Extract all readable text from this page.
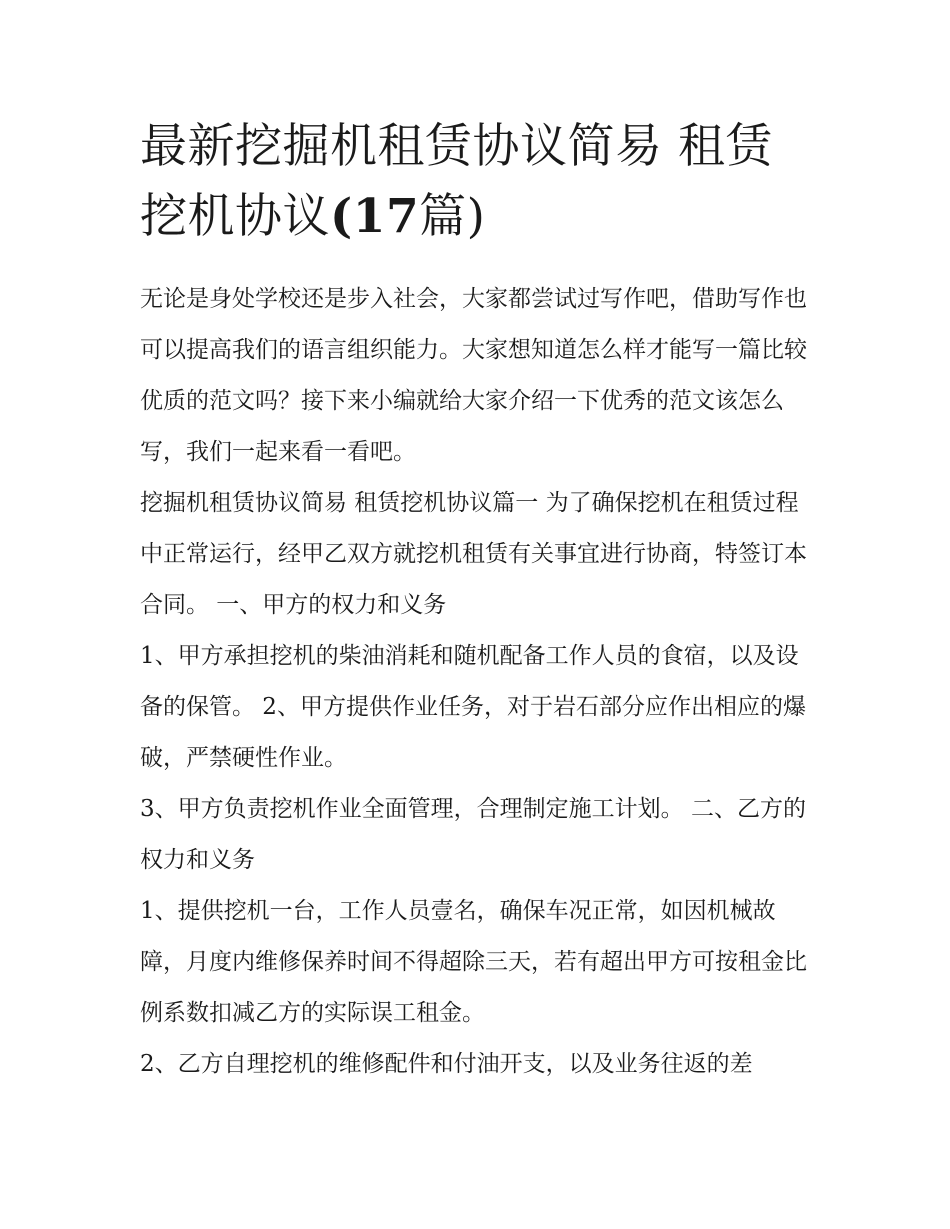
最新挖掘机租赁协议简易 租赁挖机协议(17篇)

无论是身处学校还是步入社会，大家都尝试过写作吧，借助写作也可以提高我们的语言组织能力。大家想知道怎么样才能写一篇比较优质的范文吗？接下来小编就给大家介绍一下优秀的范文该怎么写，我们一起来看一看吧。

挖掘机租赁协议简易 租赁挖机协议篇一 为了确保挖机在租赁过程中正常运行，经甲乙双方就挖机租赁有关事宜进行协商，特签订本合同。 一、甲方的权力和义务

1、甲方承担挖机的柴油消耗和随机配备工作人员的食宿，以及设备的保管。 2、甲方提供作业任务，对于岩石部分应作出相应的爆破，严禁硬性作业。

3、甲方负责挖机作业全面管理，合理制定施工计划。 二、乙方的权力和义务

1、提供挖机一台，工作人员壹名，确保车况正常，如因机械故障，月度内维修保养时间不得超除三天，若有超出甲方可按租金比例系数扣减乙方的实际误工租金。

2、乙方自理挖机的维修配件和付油开支，以及业务往返的差
